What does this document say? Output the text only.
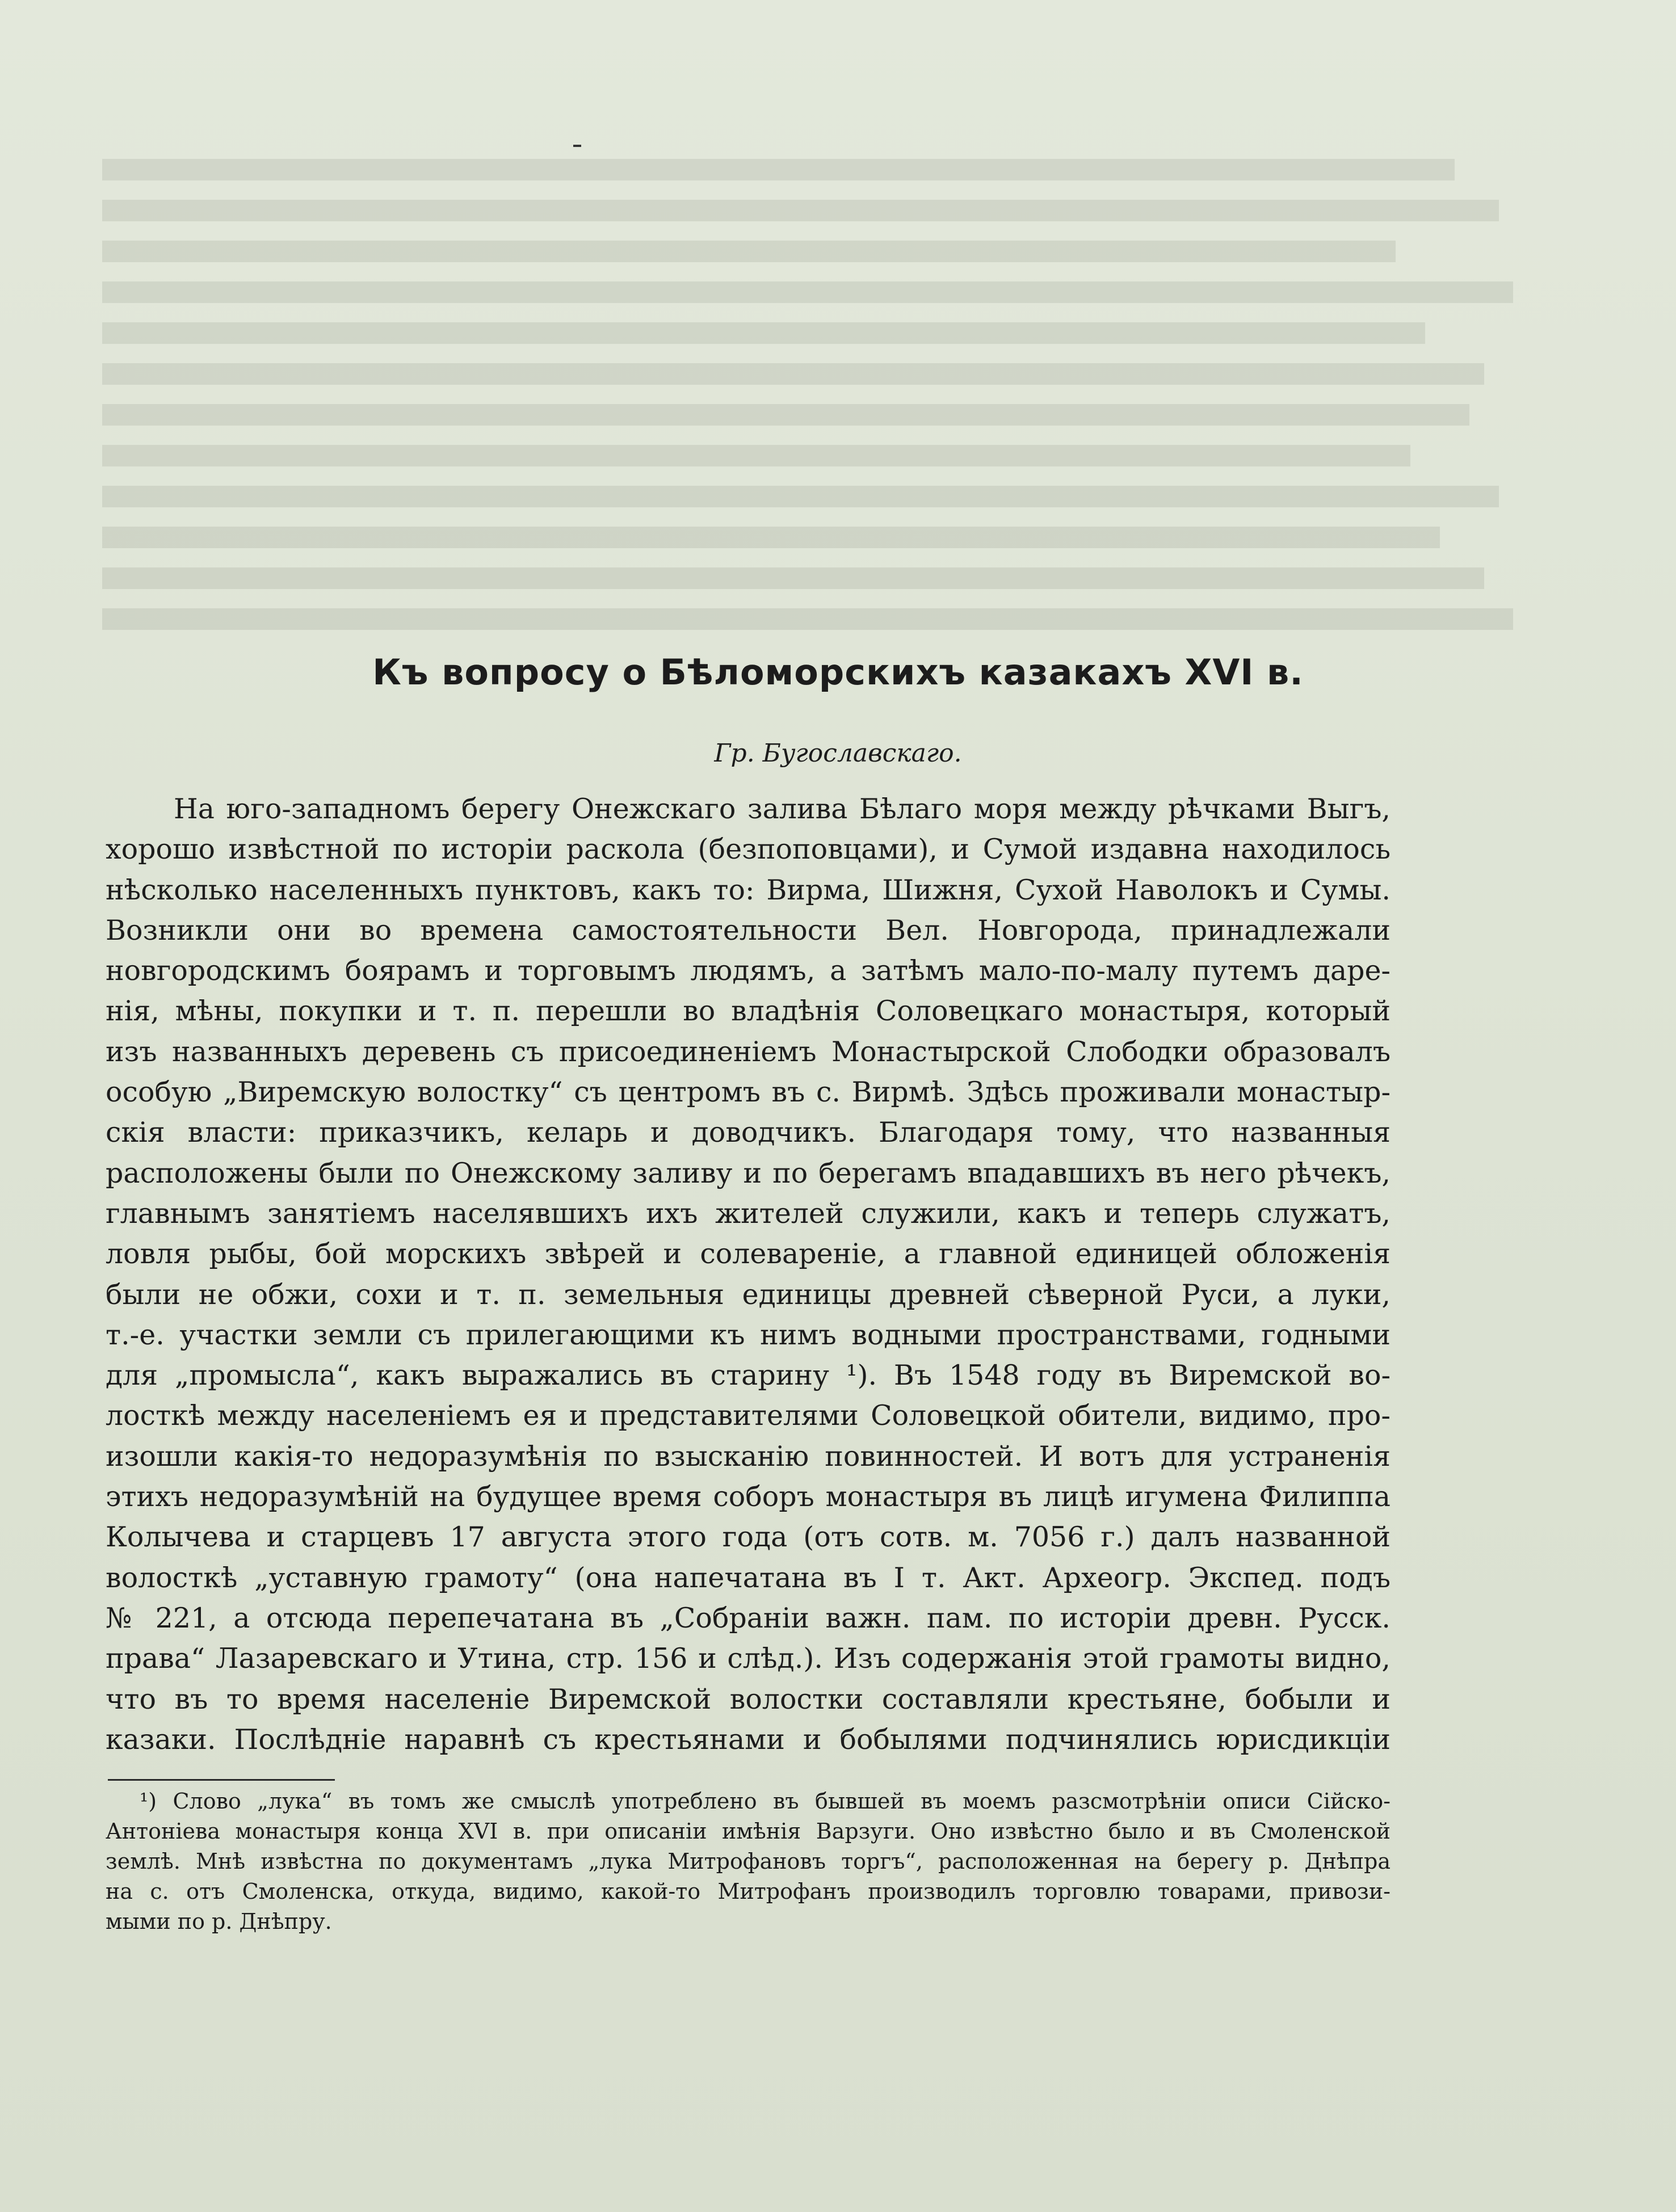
Къ вопросу о Бѣломорскихъ казакахъ XVI в.
Гр. Бугославскаго.
На юго-западномъ берегу Онежскаго залива Бѣлаго моря между рѣчками Выгъ,
хорошо извѣстной по исторіи раскола (безпоповцами), и Сумой издавна находилось
нѣсколько населенныхъ пунктовъ, какъ то: Вирма, Шижня, Сухой Наволокъ и Сумы.
Возникли они во времена самостоятельности Вел. Новгорода, принадлежали
новгородскимъ боярамъ и торговымъ людямъ, а затѣмъ мало-по-малу путемъ даре-
нія, мѣны, покупки и т. п. перешли во владѣнія Соловецкаго монастыря, который
изъ названныхъ деревень съ присоединеніемъ Монастырской Слободки образовалъ
особую „Виремскую волостку“ съ центромъ въ с. Вирмѣ. Здѣсь проживали монастыр-
скія власти: приказчикъ, келарь и доводчикъ. Благодаря тому, что названныя
расположены были по Онежскому заливу и по берегамъ впадавшихъ въ него рѣчекъ,
главнымъ занятіемъ населявшихъ ихъ жителей служили, какъ и теперь служатъ,
ловля рыбы, бой морскихъ звѣрей и солевареніе, а главной единицей обложенія
были не обжи, сохи и т. п. земельныя единицы древней сѣверной Руси, а луки,
т.-е. участки земли съ прилегающими къ нимъ водными пространствами, годными
для „промысла“, какъ выражались въ старину ¹). Въ 1548 году въ Виремской во-
лосткѣ между населеніемъ ея и представителями Соловецкой обители, видимо, про-
изошли какія-то недоразумѣнія по взысканію повинностей. И вотъ для устраненія
этихъ недоразумѣній на будущее время соборъ монастыря въ лицѣ игумена Филиппа
Колычева и старцевъ 17 августа этого года (отъ сотв. м. 7056 г.) далъ названной
волосткѣ „уставную грамоту“ (она напечатана въ I т. Акт. Археогр. Экспед. подъ
№ 221, а отсюда перепечатана въ „Собраніи важн. пам. по исторіи древн. Русск.
права“ Лазаревскаго и Утина, стр. 156 и слѣд.). Изъ содержанія этой грамоты видно,
что въ то время населеніе Виремской волостки составляли крестьяне, бобыли и
казаки. Послѣдніе наравнѣ съ крестьянами и бобылями подчинялись юрисдикціи
¹) Слово „лука“ въ томъ же смыслѣ употреблено въ бывшей въ моемъ разсмотрѣніи описи Сійско-
Антоніева монастыря конца XVI в. при описаніи имѣнія Варзуги. Оно извѣстно было и въ Смоленской
землѣ. Мнѣ извѣстна по документамъ „лука Митрофановъ торгъ“, расположенная на берегу р. Днѣпра
на с. отъ Смоленска, откуда, видимо, какой-то Митрофанъ производилъ торговлю товарами, привози-
мыми по р. Днѣпру.
